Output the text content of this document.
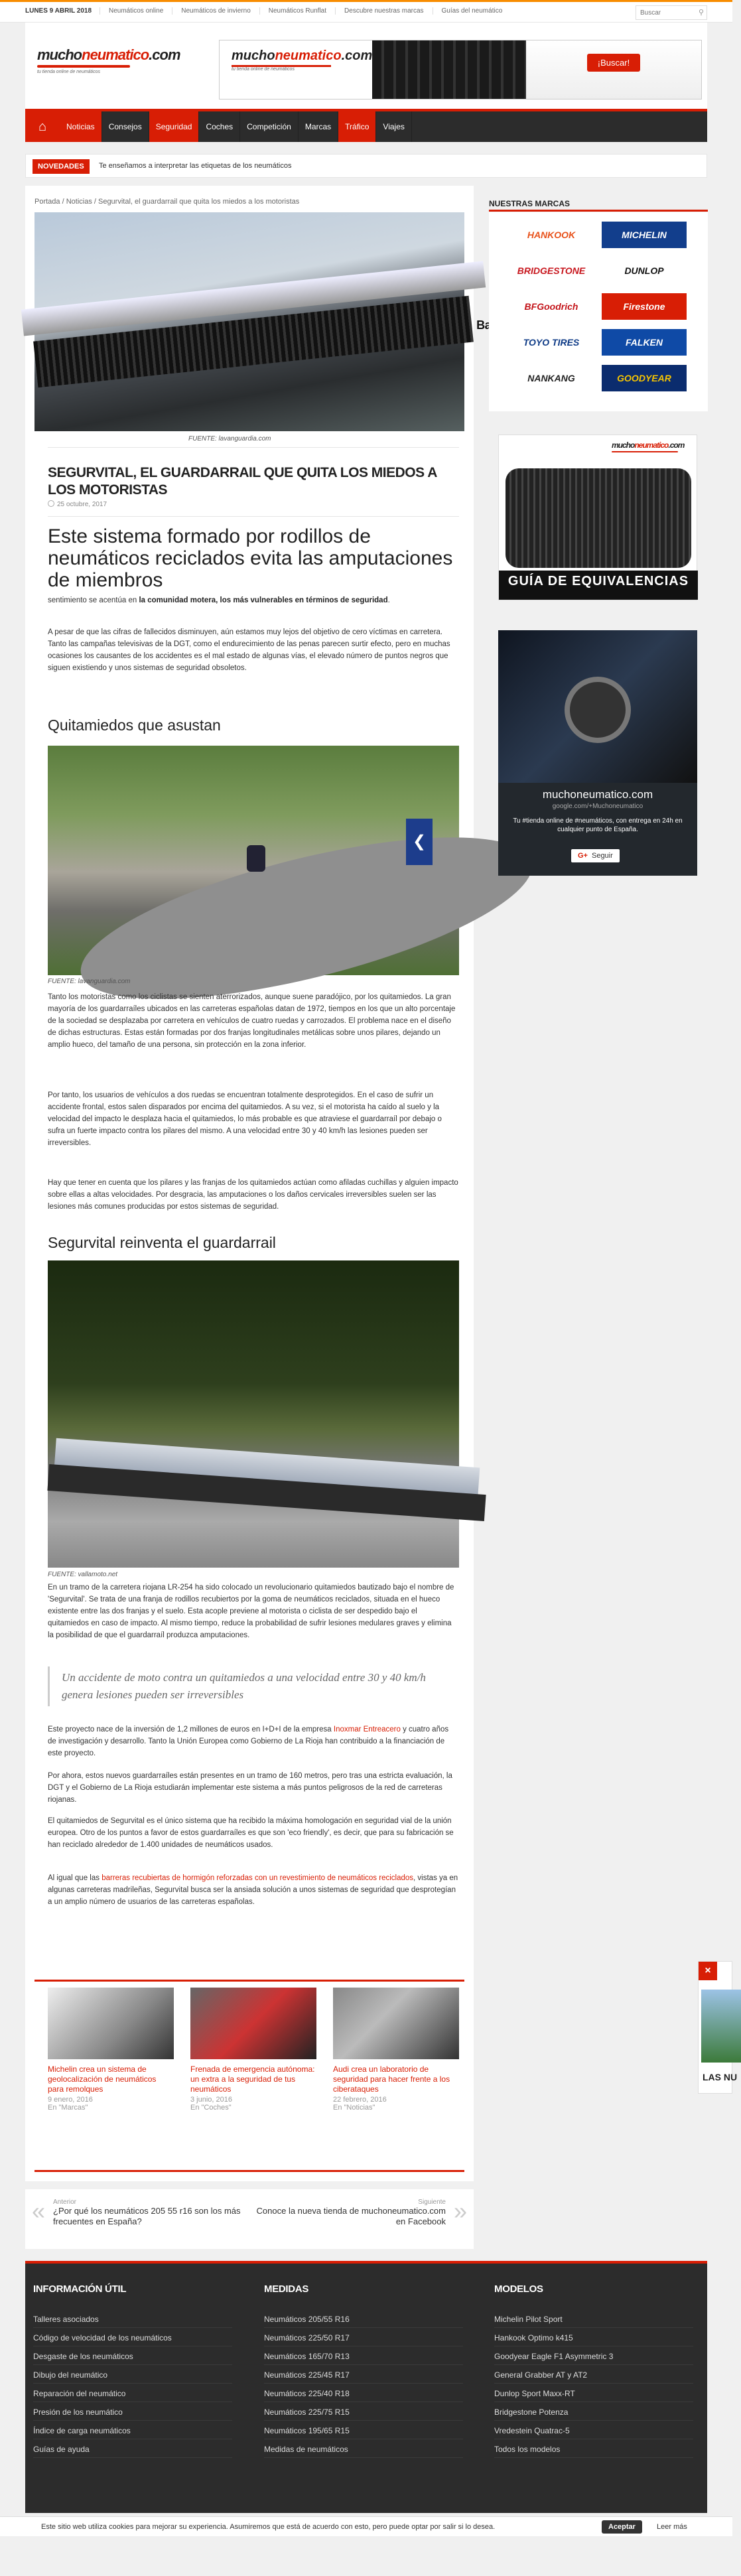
LUNES 9 ABRIL 2018	Neumáticos online	Neumáticos de invierno	Neumáticos Runflat	Descubre nuestras marcas	Guías del neumático
Buscar	⚲
muchoneumatico.com
tu tienda online de neumáticos
muchoneumatico.com
tu tienda online de neumáticos
¡Buscar!
⌂	Noticias	Consejos	Seguridad	Coches	Competición	Marcas	Tráfico	Viajes
NOVEDADES	Te enseñamos a interpretar las etiquetas de los neumáticos
Portada / Noticias / Segurvital, el guardarrail que quita los miedos a los motoristas
FUENTE: lavanguardia.com
SEGURVITAL, EL GUARDARRAIL QUE QUITA LOS MIEDOS A LOS MOTORISTAS
25 octubre, 2017
Este sistema formado por rodillos de neumáticos reciclados evita las amputaciones de miembros
sentimiento se acentúa en la comunidad motera, los más vulnerables en términos de seguridad.
A pesar de que las cifras de fallecidos disminuyen, aún estamos muy lejos del objetivo de cero víctimas en carretera. Tanto las campañas televisivas de la DGT, como el endurecimiento de las penas parecen surtir efecto, pero en muchas ocasiones los causantes de los accidentes es el mal estado de algunas vías, el elevado número de puntos negros que siguen existiendo y unos sistemas de seguridad obsoletos.
Quitamiedos que asustan
❮
FUENTE: lavanguardia.com
Tanto los motoristas como los ciclistas se sienten aterrorizados, aunque suene paradójico, por los quitamiedos. La gran mayoría de los guardarraíles ubicados en las carreteras españolas datan de 1972, tiempos en los que un alto porcentaje de la sociedad se desplazaba por carretera en vehículos de cuatro ruedas y carrozados. El problema nace en el diseño de dichas estructuras. Estas están formadas por dos franjas longitudinales metálicas sobre unos pilares, dejando un amplio hueco, del tamaño de una persona, sin protección en la zona inferior.
Por tanto, los usuarios de vehículos a dos ruedas se encuentran totalmente desprotegidos. En el caso de sufrir un accidente frontal, estos salen disparados por encima del quitamiedos. A su vez, si el motorista ha caído al suelo y la velocidad del impacto le desplaza hacia el quitamiedos, lo más probable es que atraviese el guardarraíl por debajo o sufra un fuerte impacto contra los pilares del mismo. A una velocidad entre 30 y 40 km/h las lesiones pueden ser irreversibles.
Hay que tener en cuenta que los pilares y las franjas de los quitamiedos actúan como afiladas cuchillas y alguien impacto sobre ellas a altas velocidades. Por desgracia, las amputaciones o los daños cervicales irreversibles suelen ser las lesiones más comunes producidas por estos sistemas de seguridad.
Segurvital reinventa el guardarrail
FUENTE: vallamoto.net
En un tramo de la carretera riojana LR-254 ha sido colocado un revolucionario quitamiedos bautizado bajo el nombre de 'Segurvital'. Se trata de una franja de rodillos recubiertos por la goma de neumáticos reciclados, situada en el hueco existente entre las dos franjas y el suelo. Esta acople previene al motorista o ciclista de ser despedido bajo el quitamiedos en caso de impacto. Al mismo tiempo, reduce la probabilidad de sufrir lesiones medulares graves y elimina la posibilidad de que el guardarraíl produzca amputaciones.
Un accidente de moto contra un quitamiedos a una velocidad entre 30 y 40 km/h genera lesiones pueden ser irreversibles
Este proyecto nace de la inversión de 1,2 millones de euros en I+D+I de la empresa Inoxmar Entreacero y cuatro años de investigación y desarrollo. Tanto la Unión Europea como Gobierno de La Rioja han contribuido a la financiación de este proyecto.
Por ahora, estos nuevos guardarraíles están presentes en un tramo de 160 metros, pero tras una estricta evaluación, la DGT y el Gobierno de La Rioja estudiarán implementar este sistema a más puntos peligrosos de la red de carreteras riojanas.
El quitamiedos de Segurvital es el único sistema que ha recibido la máxima homologación en seguridad vial de la unión europea. Otro de los puntos a favor de estos guardarraíles es que son 'eco friendly', es decir, que para su fabricación se han reciclado alrededor de 1.400 unidades de neumáticos usados.
Al igual que las barreras recubiertas de hormigón reforzadas con un revestimiento de neumáticos reciclados, vistas ya en algunas carreteras madrileñas, Segurvital busca ser la ansiada solución a unos sistemas de seguridad que desprotegían a un amplio número de usuarios de las carreteras españolas.
Michelin crea un sistema de geolocalización de neumáticos para remolques
9 enero, 2016
En "Marcas"
Frenada de emergencia autónoma: un extra a la seguridad de tus neumáticos
3 junio, 2016
En "Coches"
Audi crea un laboratorio de seguridad para hacer frente a los ciberataques
22 febrero, 2016
En "Noticias"
« Anterior
¿Por qué los neumáticos 205 55 r16 son los más frecuentes en España?
Siguiente
Conoce la nueva tienda de muchoneumatico.com en Facebook »
NUESTRAS MARCAS
HANKOOK	MICHELIN
BRIDGESTONE	DUNLOP
BFGoodrich	Firestone
TOYO TIRES	FALKEN
NANKANG	GOODYEAR
muchoneumatico.com
GUÍA DE EQUIVALENCIAS
muchoneumatico.com
google.com/+Muchoneumatico
Tu #tienda online de #neumáticos, con entrega en 24h en cualquier punto de España.
G+ Seguir
×
LAS NU
INFORMACIÓN ÚTIL
Talleres asociados
Código de velocidad de los neumáticos
Desgaste de los neumáticos
Dibujo del neumático
Reparación del neumático
Presión de los neumático
Índice de carga neumáticos
Guías de ayuda
MEDIDAS
Neumáticos 205/55 R16
Neumáticos 225/50 R17
Neumáticos 165/70 R13
Neumáticos 225/45 R17
Neumáticos 225/40 R18
Neumáticos 225/75 R15
Neumáticos 195/65 R15
Medidas de neumáticos
MODELOS
Michelin Pilot Sport
Hankook Optimo k415
Goodyear Eagle F1 Asymmetric 3
General Grabber AT y AT2
Dunlop Sport Maxx-RT
Bridgestone Potenza
Vredestein Quatrac-5
Todos los modelos
Este sitio web utiliza cookies para mejorar su experiencia. Asumiremos que está de acuerdo con esto, pero puede optar por salir si lo desea.	Aceptar	Leer más
